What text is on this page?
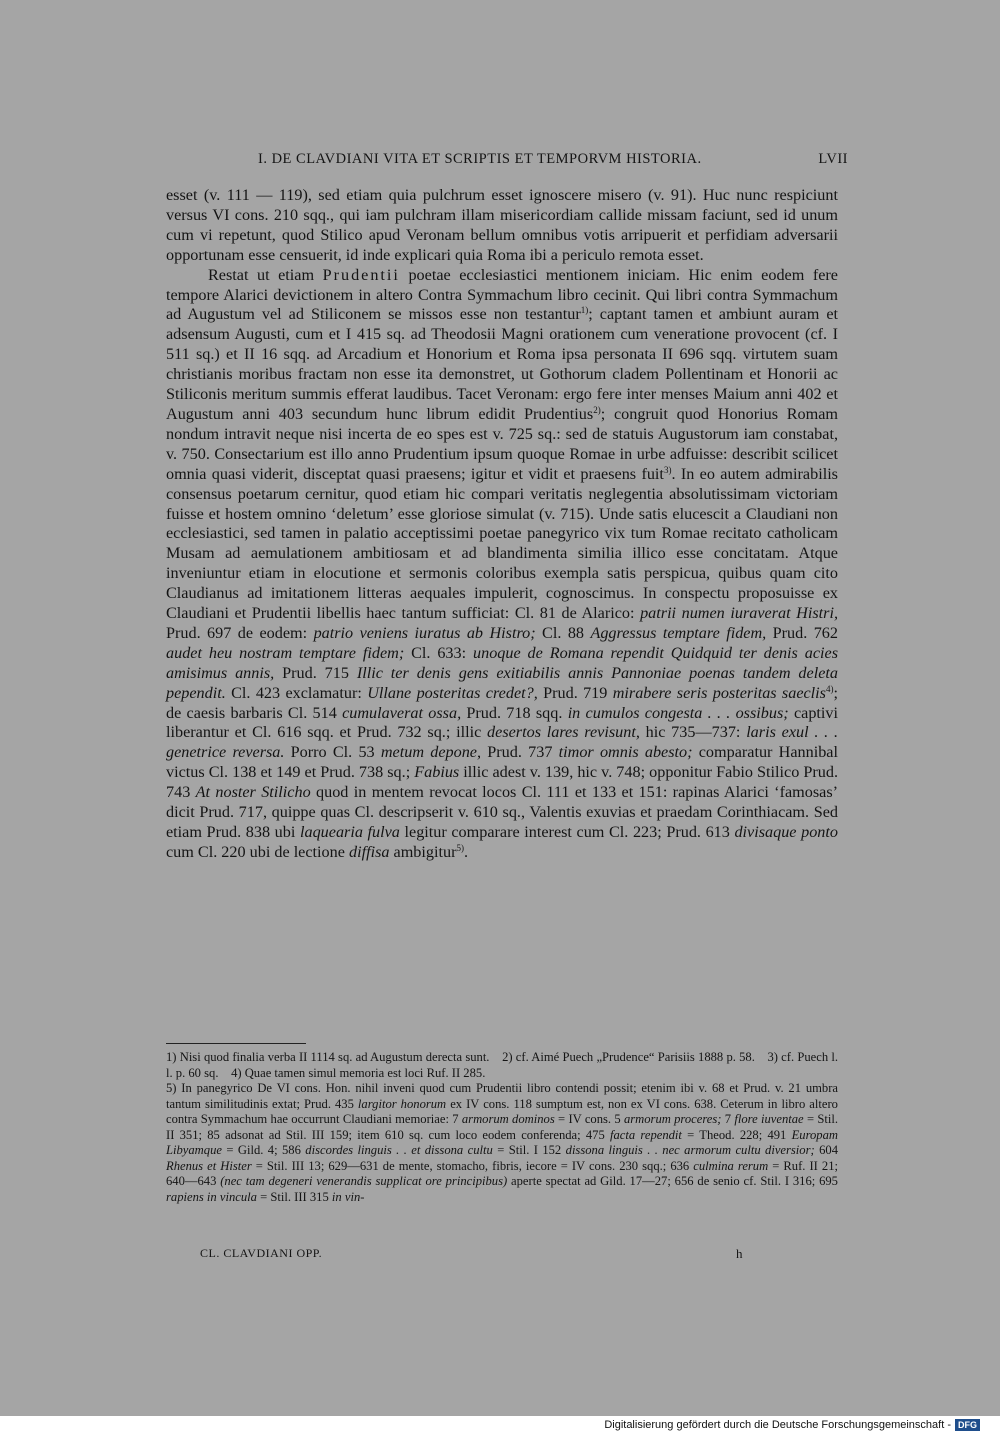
I. DE CLAVDIANI VITA ET SCRIPTIS ET TEMPORVM HISTORIA.	LVII

esset (v. 111 — 119), sed etiam quia pulchrum esset ignoscere misero (v. 91). Huc nunc respiciunt versus VI cons. 210 sqq., qui iam pulchram illam misericordiam callide missam faciunt, sed id unum cum vi repetunt, quod Stilico apud Veronam bellum omnibus votis arripuerit et perfidiam adversarii opportunam esse censuerit, id inde explicari quia Roma ibi a periculo remota esset.

Restat ut etiam Prudentii poetae ecclesiastici mentionem iniciam. Hic enim eodem fere tempore Alarici devictionem in altero Contra Symmachum libro cecinit. Qui libri contra Symmachum ad Augustum vel ad Stiliconem se missos esse non testantur$^{1)}$; captant tamen et ambiunt auram et adsensum Augusti, cum et I 415 sq. ad Theodosii Magni orationem cum veneratione provocent (cf. I 511 sq.) et II 16 sqq. ad Arcadium et Honorium et Roma ipsa personata II 696 sqq. virtutem suam christianis moribus fractam non esse ita demonstret, ut Gothorum cladem Pollentinam et Honorii ac Stiliconis meritum summis efferat laudibus. Tacet Veronam: ergo fere inter menses Maium anni 402 et Augustum anni 403 secundum hunc librum edidit Prudentius$^{2)}$; congruit quod Honorius Romam nondum intravit neque nisi incerta de eo spes est v. 725 sq.: sed de statuis Augustorum iam constabat, v. 750. Consectarium est illo anno Prudentium ipsum quoque Romae in urbe adfuisse: describit scilicet omnia quasi viderit, disceptat quasi praesens; igitur et vidit et praesens fuit$^{3)}$. In eo autem admirabilis consensus poetarum cernitur, quod etiam hic compari veritatis neglegentia absolutissimam victoriam fuisse et hostem omnino ‘deletum’ esse gloriose simulat (v. 715). Unde satis elucescit a Claudiani non ecclesiastici, sed tamen in palatio acceptissimi poetae panegyrico vix tum Romae recitato catholicam Musam ad aemulationem ambitiosam et ad blandimenta similia illico esse concitatam. Atque inveniuntur etiam in elocutione et sermonis coloribus exempla satis perspicua, quibus quam cito Claudianus ad imitationem litteras aequales impulerit, cognoscimus. In conspectu proposuisse ex Claudiani et Prudentii libellis haec tantum sufficiat: Cl. 81 de Alarico: patrii numen iuraverat Histri, Prud. 697 de eodem: patrio veniens iuratus ab Histro; Cl. 88 Aggressus temptare fidem, Prud. 762 audet heu nostram temptare fidem; Cl. 633: unoque de Romana rependit Quidquid ter denis acies amisimus annis, Prud. 715 Illic ter denis gens exitiabilis annis Pannoniae poenas tandem deleta pependit. Cl. 423 exclamatur: Ullane posteritas credet?, Prud. 719 mirabere seris posteritas saeclis$^{4)}$; de caesis barbaris Cl. 514 cumulaverat ossa, Prud. 718 sqq. in cumulos congesta . . . ossibus; captivi liberantur et Cl. 616 sqq. et Prud. 732 sq.; illic desertos lares revisunt, hic 735—737: laris exul . . . genetrice reversa. Porro Cl. 53 metum depone, Prud. 737 timor omnis abesto; comparatur Hannibal victus Cl. 138 et 149 et Prud. 738 sq.; Fabius illic adest v. 139, hic v. 748; opponitur Fabio Stilico Prud. 743 At noster Stilicho quod in mentem revocat locos Cl. 111 et 133 et 151: rapinas Alarici ‘famosas’ dicit Prud. 717, quippe quas Cl. descripserit v. 610 sq., Valentis exuvias et praedam Corinthiacam. Sed etiam Prud. 838 ubi laquearia fulva legitur comparare interest cum Cl. 223; Prud. 613 divisaque ponto cum Cl. 220 ubi de lectione diffisa ambigitur$^{5)}$.

1) Nisi quod finalia verba II 1114 sq. ad Augustum derecta sunt.  2) cf. Aimé Puech „Prudence“ Parisiis 1888 p. 58.  3) cf. Puech l. l. p. 60 sq.  4) Quae tamen simul memoria est loci Ruf. II 285.

5) In panegyrico De VI cons. Hon. nihil inveni quod cum Prudentii libro contendi possit; etenim ibi v. 68 et Prud. v. 21 umbra tantum similitudinis extat; Prud. 435 largitor honorum ex IV cons. 118 sumptum est, non ex VI cons. 638. Ceterum in libro altero contra Symmachum hae occurrunt Claudiani memoriae: 7 armorum dominos = IV cons. 5 armorum proceres; 7 flore iuventae = Stil. II 351; 85 adsonat ad Stil. III 159; item 610 sq. cum loco eodem conferenda; 475 facta rependit = Theod. 228; 491 Europam Libyamque = Gild. 4; 586 discordes linguis . . et dissona cultu = Stil. I 152 dissona linguis . . nec armorum cultu diversior; 604 Rhenus et Hister = Stil. III 13; 629—631 de mente, stomacho, fibris, iecore = IV cons. 230 sqq.; 636 culmina rerum = Ruf. II 21; 640—643 (nec tam degeneri venerandis supplicat ore principibus) aperte spectat ad Gild. 17—27; 656 de senio cf. Stil. I 316; 695 rapiens in vincula = Stil. III 315 in vin-

CL. CLAVDIANI OPP.	h
Digitalisierung gefördert durch die Deutsche Forschungsgemeinschaft - DFG
